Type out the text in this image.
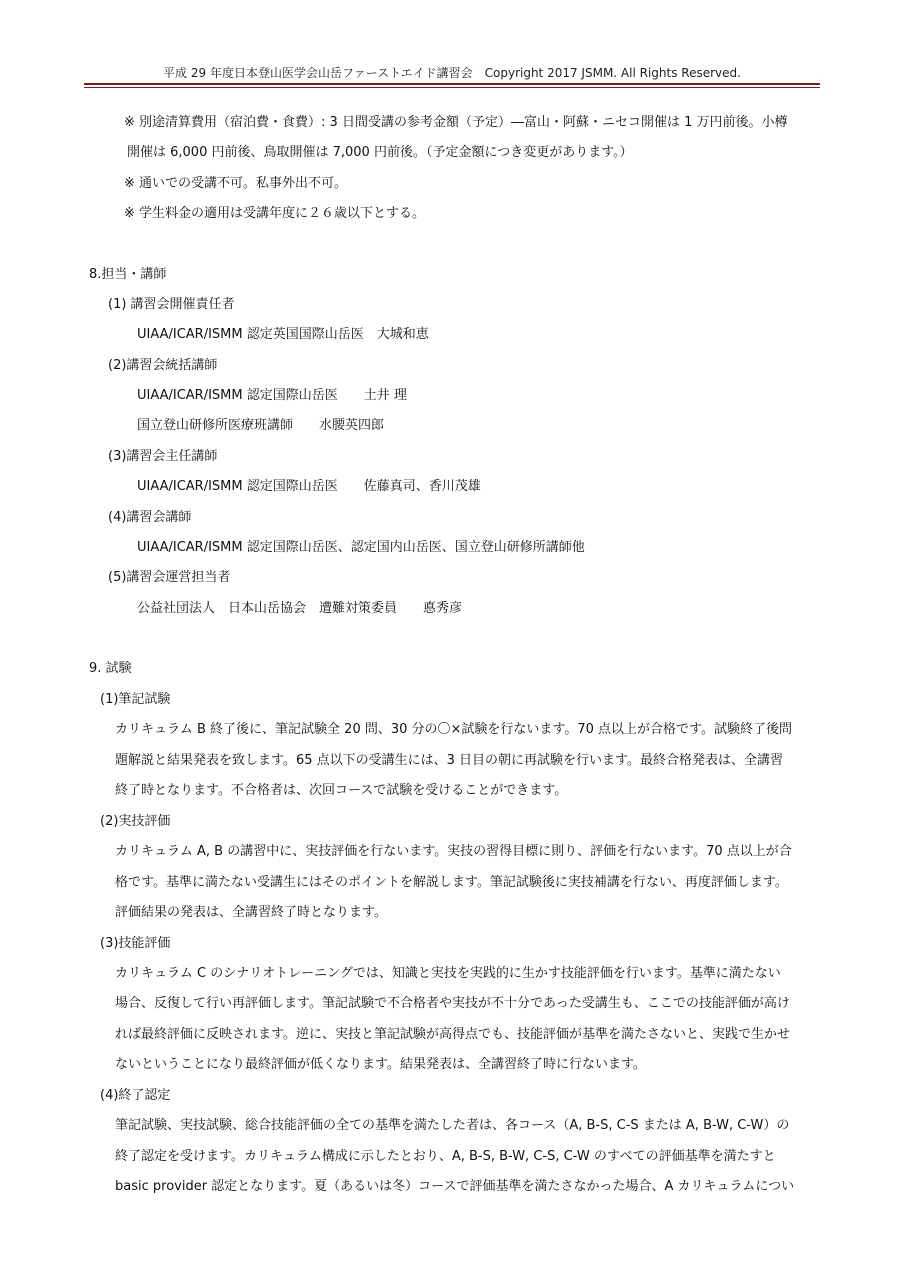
平成 29 年度日本登山医学会山岳ファーストエイド講習会　Copyright 2017 JSMM. All Rights Reserved.
※ 別途清算費用（宿泊費・食費）: 3 日間受講の参考金額（予定）―富山・阿蘇・ニセコ開催は 1 万円前後。小樽
開催は 6,000 円前後、鳥取開催は 7,000 円前後。（予定金額につき変更があります。）
※ 通いでの受講不可。私事外出不可。
※ 学生料金の適用は受講年度に２６歳以下とする。
8.担当・講師
(1) 講習会開催責任者
UIAA/ICAR/ISMM 認定英国国際山岳医　大城和恵
(2)講習会統括講師
UIAA/ICAR/ISMM 認定国際山岳医　　土井 理
国立登山研修所医療班講師　　水腰英四郎
(3)講習会主任講師
UIAA/ICAR/ISMM 認定国際山岳医　　佐藤真司、香川茂雄
(4)講習会講師
UIAA/ICAR/ISMM 認定国際山岳医、認定国内山岳医、国立登山研修所講師他
(5)講習会運営担当者
公益社団法人　日本山岳協会　遭難対策委員　　悳秀彦
9. 試験
(1)筆記試験
カリキュラム B 終了後に、筆記試験全 20 問、30 分の〇×試験を行ないます。70 点以上が合格です。試験終了後問
題解説と結果発表を致します。65 点以下の受講生には、3 日目の朝に再試験を行います。最終合格発表は、全講習
終了時となります。不合格者は、次回コースで試験を受けることができます。
(2)実技評価
カリキュラム A, B の講習中に、実技評価を行ないます。実技の習得目標に則り、評価を行ないます。70 点以上が合
格です。基準に満たない受講生にはそのポイントを解説します。筆記試験後に実技補講を行ない、再度評価します。
評価結果の発表は、全講習終了時となります。
(3)技能評価
カリキュラム C のシナリオトレーニングでは、知識と実技を実践的に生かす技能評価を行います。基準に満たない
場合、反復して行い再評価します。筆記試験で不合格者や実技が不十分であった受講生も、ここでの技能評価が高け
れば最終評価に反映されます。逆に、実技と筆記試験が高得点でも、技能評価が基準を満たさないと、実践で生かせ
ないということになり最終評価が低くなります。結果発表は、全講習終了時に行ないます。
(4)終了認定
筆記試験、実技試験、総合技能評価の全ての基準を満たした者は、各コース（A, B-S, C-S または A, B-W, C-W）の
終了認定を受けます。カリキュラム構成に示したとおり、A, B-S, B-W, C-S, C-W のすべての評価基準を満たすと
basic provider 認定となります。夏（あるいは冬）コースで評価基準を満たさなかった場合、A カリキュラムについ
